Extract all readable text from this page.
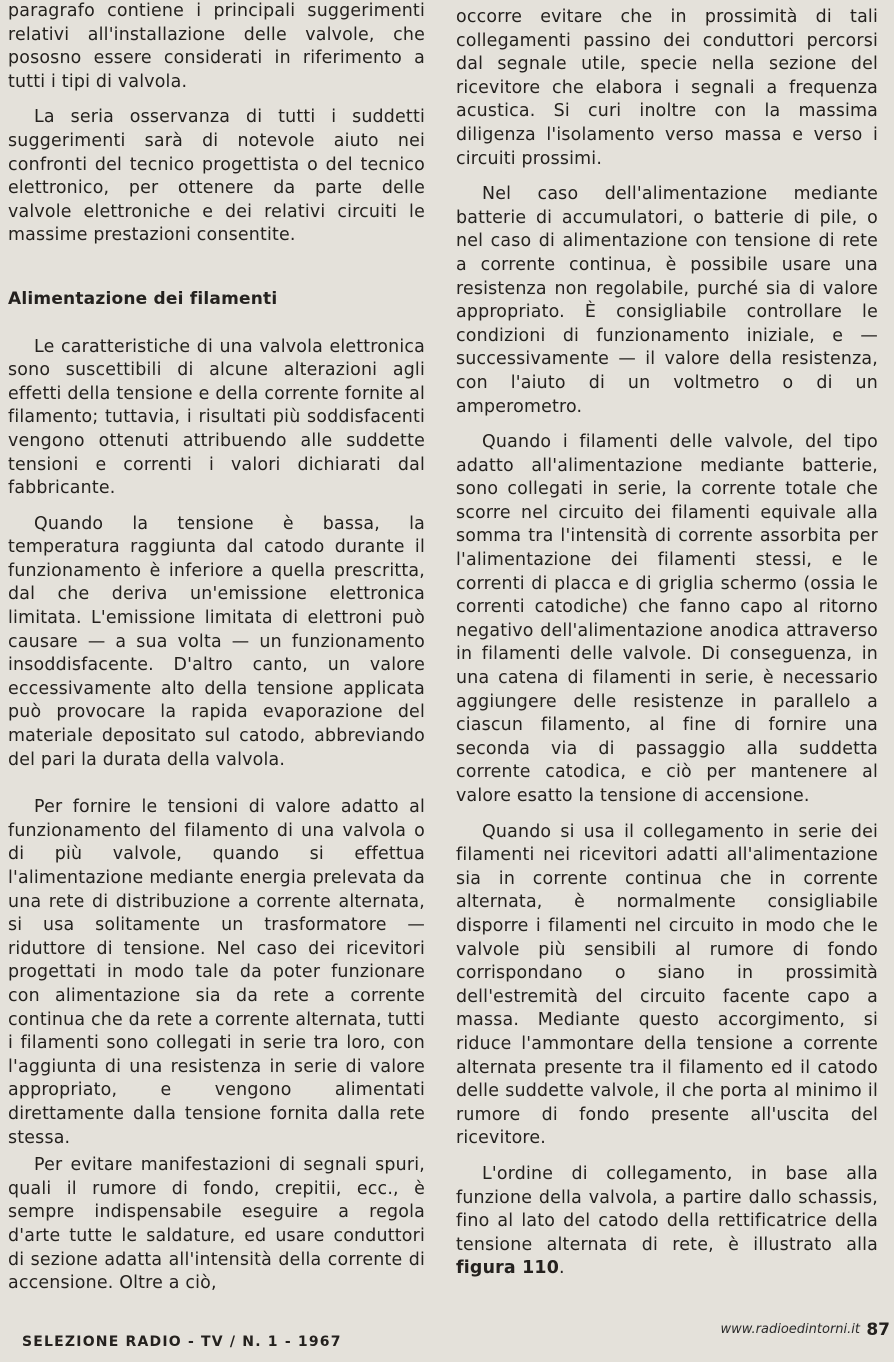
paragrafo contiene i principali suggerimenti relativi all'installazione delle valvole, che pososno essere considerati in riferimento a tutti i tipi di valvola.

La seria osservanza di tutti i suddetti suggerimenti sarà di notevole aiuto nei confronti del tecnico progettista o del tecnico elettronico, per ottenere da parte delle valvole elettroniche e dei relativi circuiti le massime prestazioni consentite.

Alimentazione dei filamenti

Le caratteristiche di una valvola elettronica sono suscettibili di alcune alterazioni agli effetti della tensione e della corrente fornite al filamento; tuttavia, i risultati più soddisfacenti vengono ottenuti attribuendo alle suddette tensioni e correnti i valori dichiarati dal fabbricante.

Quando la tensione è bassa, la temperatura raggiunta dal catodo durante il funzionamento è inferiore a quella prescritta, dal che deriva un'emissione elettronica limitata. L'emissione limitata di elettroni può causare — a sua volta — un funzionamento insoddisfacente. D'altro canto, un valore eccessivamente alto della tensione applicata può provocare la rapida evaporazione del materiale depositato sul catodo, abbreviando del pari la durata della valvola.

Per fornire le tensioni di valore adatto al funzionamento del filamento di una valvola o di più valvole, quando si effettua l'alimentazione mediante energia prelevata da una rete di distribuzione a corrente alternata, si usa solitamente un trasformatore — riduttore di tensione. Nel caso dei ricevitori progettati in modo tale da poter funzionare con alimentazione sia da rete a corrente continua che da rete a corrente alternata, tutti i filamenti sono collegati in serie tra loro, con l'aggiunta di una resistenza in serie di valore appropriato, e vengono alimentati direttamente dalla tensione fornita dalla rete stessa.

Per evitare manifestazioni di segnali spuri, quali il rumore di fondo, crepitii, ecc., è sempre indispensabile eseguire a regola d'arte tutte le saldature, ed usare conduttori di sezione adatta all'intensità della corrente di accensione. Oltre a ciò,

occorre evitare che in prossimità di tali collegamenti passino dei conduttori percorsi dal segnale utile, specie nella sezione del ricevitore che elabora i segnali a frequenza acustica. Si curi inoltre con la massima diligenza l'isolamento verso massa e verso i circuiti prossimi.

Nel caso dell'alimentazione mediante batterie di accumulatori, o batterie di pile, o nel caso di alimentazione con tensione di rete a corrente continua, è possibile usare una resistenza non regolabile, purché sia di valore appropriato. È consigliabile controllare le condizioni di funzionamento iniziale, e — successivamente — il valore della resistenza, con l'aiuto di un voltmetro o di un amperometro.

Quando i filamenti delle valvole, del tipo adatto all'alimentazione mediante batterie, sono collegati in serie, la corrente totale che scorre nel circuito dei filamenti equivale alla somma tra l'intensità di corrente assorbita per l'alimentazione dei filamenti stessi, e le correnti di placca e di griglia schermo (ossia le correnti catodiche) che fanno capo al ritorno negativo dell'alimentazione anodica attraverso in filamenti delle valvole. Di conseguenza, in una catena di filamenti in serie, è necessario aggiungere delle resistenze in parallelo a ciascun filamento, al fine di fornire una seconda via di passaggio alla suddetta corrente catodica, e ciò per mantenere al valore esatto la tensione di accensione.

Quando si usa il collegamento in serie dei filamenti nei ricevitori adatti all'alimentazione sia in corrente continua che in corrente alternata, è normalmente consigliabile disporre i filamenti nel circuito in modo che le valvole più sensibili al rumore di fondo corrispondano o siano in prossimità dell'estremità del circuito facente capo a massa. Mediante questo accorgimento, si riduce l'ammontare della tensione a corrente alternata presente tra il filamento ed il catodo delle suddette valvole, il che porta al minimo il rumore di fondo presente all'uscita del ricevitore.

L'ordine di collegamento, in base alla funzione della valvola, a partire dallo schassis, fino al lato del catodo della rettificatrice della tensione alternata di rete, è illustrato alla figura 110.

SELEZIONE RADIO - TV / N. 1 - 1967
www.radioedintorni.it 87
